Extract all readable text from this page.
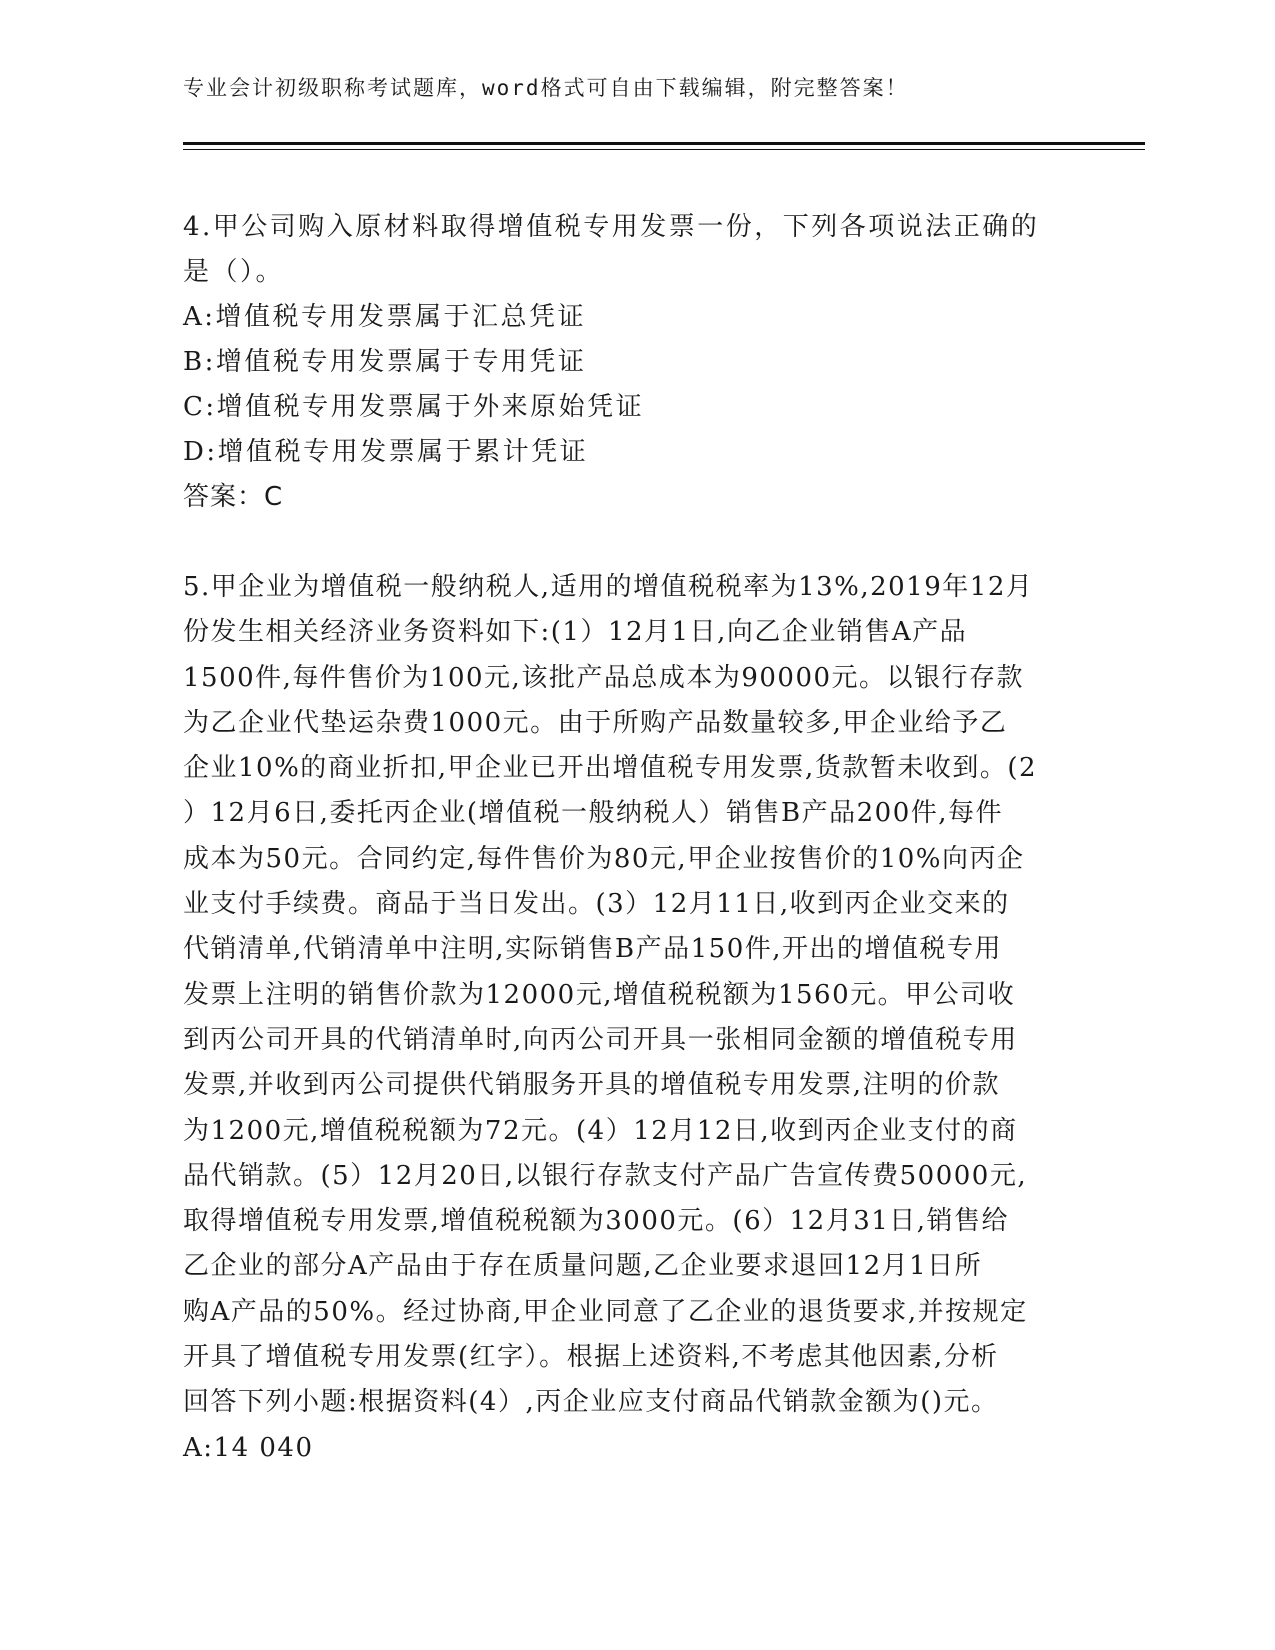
专业会计初级职称考试题库，word格式可自由下载编辑，附完整答案！
4.甲公司购入原材料取得增值税专用发票一份，下列各项说法正确的
是（）。
A:增值税专用发票属于汇总凭证
B:增值税专用发票属于专用凭证
C:增值税专用发票属于外来原始凭证
D:增值税专用发票属于累计凭证
答案：C
5.甲企业为增值税一般纳税人,适用的增值税税率为13%,2019年12月
份发生相关经济业务资料如下:(1）12月1日,向乙企业销售A产品
1500件,每件售价为100元,该批产品总成本为90000元。以银行存款
为乙企业代垫运杂费1000元。由于所购产品数量较多,甲企业给予乙
企业10%的商业折扣,甲企业已开出增值税专用发票,货款暂未收到。(2
）12月6日,委托丙企业(增值税一般纳税人）销售B产品200件,每件
成本为50元。合同约定,每件售价为80元,甲企业按售价的10%向丙企
业支付手续费。商品于当日发出。(3）12月11日,收到丙企业交来的
代销清单,代销清单中注明,实际销售B产品150件,开出的增值税专用
发票上注明的销售价款为12000元,增值税税额为1560元。甲公司收
到丙公司开具的代销清单时,向丙公司开具一张相同金额的增值税专用
发票,并收到丙公司提供代销服务开具的增值税专用发票,注明的价款
为1200元,增值税税额为72元。(4）12月12日,收到丙企业支付的商
品代销款。(5）12月20日,以银行存款支付产品广告宣传费50000元,
取得增值税专用发票,增值税税额为3000元。(6）12月31日,销售给
乙企业的部分A产品由于存在质量问题,乙企业要求退回12月1日所
购A产品的50%。经过协商,甲企业同意了乙企业的退货要求,并按规定
开具了增值税专用发票(红字）。根据上述资料,不考虑其他因素,分析
回答下列小题:根据资料(4）,丙企业应支付商品代销款金额为()元。
A:14 040
